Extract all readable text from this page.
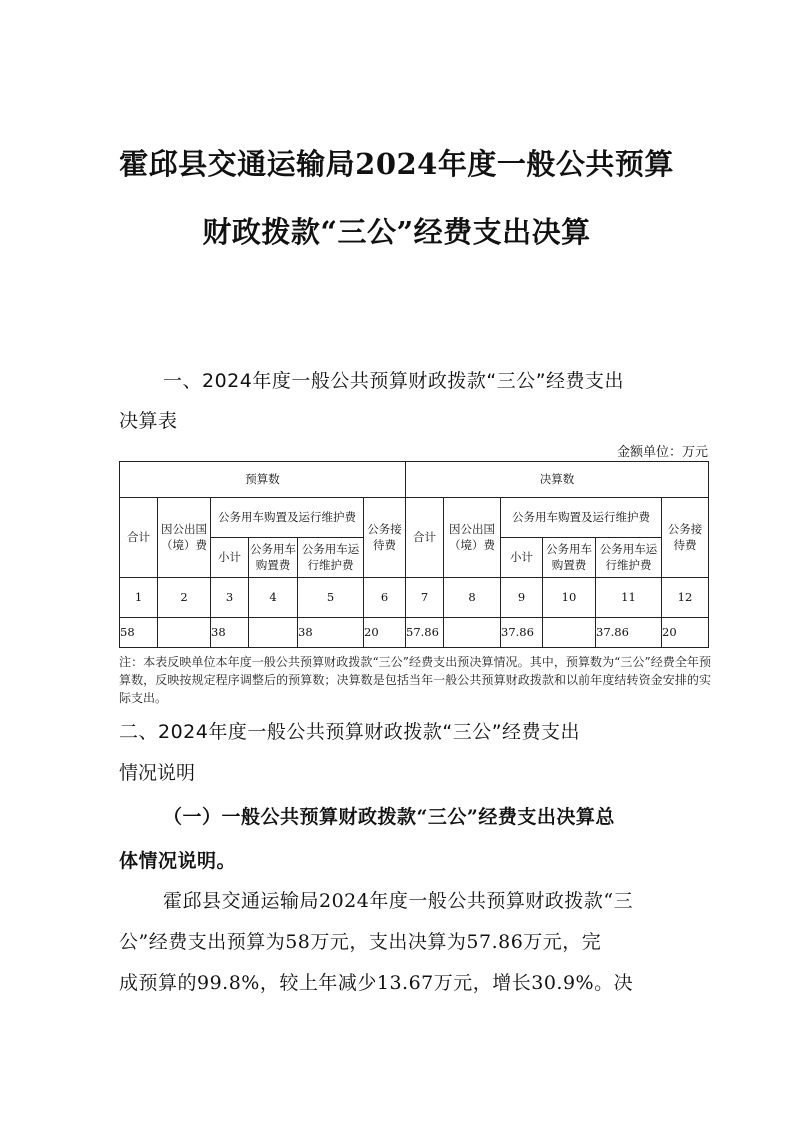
霍邱县交通运输局2024年度一般公共预算
财政拨款“三公”经费支出决算
一、2024年度一般公共预算财政拨款“三公”经费支出
决算表
金额单位：万元
预算数						决算数					
合计	因公出国（境）费	公务用车购置及运行维护费			公务接待费	合计	因公出国（境）费	公务用车购置及运行维护费			公务接待费
		小计	公务用车购置费	公务用车运行维护费				小计	公务用车购置费	公务用车运行维护费	
1	2	3	4	5	6	7	8	9	10	11	12
58		38		38	20	57.86		37.86		37.86	20
注：本表反映单位本年度一般公共预算财政拨款“三公”经费支出预决算情况。其中，预算数为“三公”经费全年预算数，反映按规定程序调整后的预算数；决算数是包括当年一般公共预算财政拨款和以前年度结转资金安排的实际支出。
二、2024年度一般公共预算财政拨款“三公”经费支出
情况说明
（一）一般公共预算财政拨款“三公”经费支出决算总
体情况说明。
霍邱县交通运输局2024年度一般公共预算财政拨款“三
公”经费支出预算为58万元，支出决算为57.86万元，完
成预算的99.8%，较上年减少13.67万元，增长30.9%。决
